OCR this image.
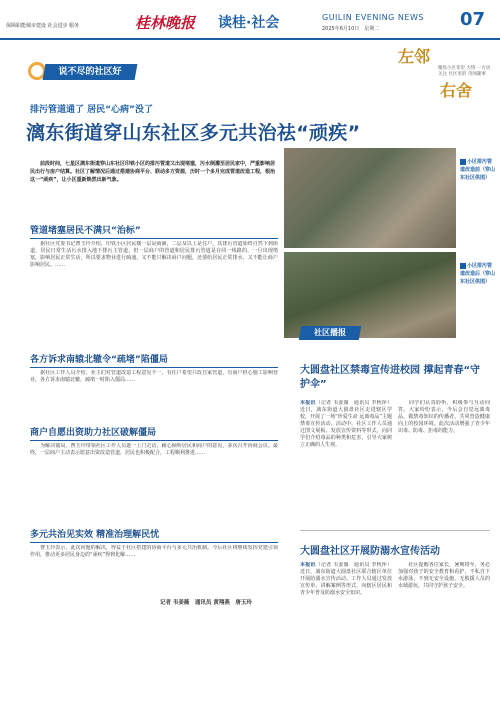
保障职能城市建设 社会进步 服务	桂林晚报 读桂·社会	GUILIN EVENING NEWS
2025年6月10日　星期二	07
说不尽的社区好
左邻
聚焦小区邻里 大情 一方居 关注 社区里的 奇闻趣事
右舍
排污管道通了 居民“心病”没了
漓东街道穿山东社区多元共治祛“顽疾”
　　前段时间，七星区漓东街道穿山东社区印铁小区的排污管道又出现堵塞，污水倒灌至居民家中，严重影响居民出行与房户结算。社区了解情况后通过搭建协商平台、联动多方资源，历时一个多月完成管道改造工程，根治这一“顽疾”，让小区重新焕然出新气象。
小区排污管道改造前（穿山东社区供图）
小区排污管道改造后（穿山东社区供图）
管道堵塞居民不满只“治标”
　　据社区党委书记曹玉玲介绍，印铁小区居民楼一层是商铺，二层及以上是住户，其排污管道始终自然下到街道，居民日常生活污水排入地下排污主管道，但一层商户的管道和居民排污管道是在同一线路的，一旦出现堵塞，影响居民正常生活，所以要求物业进行疏通，又不能只解决商户问题，还要给居民正常排水，又不能让商户影响居民。……
各方诉求南辕北辙令“疏堵”陷僵局
　　据社区工作人员介绍，业主们对管道改造工程意见不一，有住户希望只改自家管道，有商户担心施工影响营业，各方诉求南辕北辙，疏堵一时陷入僵局……
商户自愿出资助力社区破解僵局
　　为解决僵局，曹玉玲带领社区工作人员逐一上门走访，耐心倾听居民和商户的意见，多次召开协商会议。最终，一层商户主动表示愿意出资改造管道，居民也积极配合，工程顺利推进……
多元共治见实效 精准治理解民忧
　　曹玉玲表示，此次问题的解决，得益于社区搭建的协商平台与多元共治机制。今后社区将继续发挥党建引领作用，推动更多居民身边的“顽疾”得到化解……
记者 韦姜薇　通讯员 黄翔燕　唐玉玲
社区播报
大圆盘社区禁毒宣传进校园 撑起青春“守护伞”
本报讯（记者 韦姜薇　通讯员 李秋萍）近日，漓东街道大圆盘社区走进辖区学校，开展了一场“珍爱生命 远离毒品”主题禁毒宣传活动。活动中，社区工作人员通过图文展板、发放宣传资料等形式，向同学们介绍毒品的种类和危害，引导大家树立正确的人生观。
　　同学们认真聆听，积极参与互动问答。大家纷纷表示，今后会自觉远离毒品，做禁毒知识的传播者，共同营造健康向上的校园环境。此次活动增强了青少年识毒、防毒、拒毒的能力。
大圆盘社区开展防溺水宣传活动
本报讯（记者 韦姜薇　通讯员 李秋萍）近日，漓东街道大圆盘社区联合辖区单位开展防溺水宣传活动。工作人员通过发放宣传单、讲解案例等形式，向辖区居民和青少年普及防溺水安全知识。
　　社区提醒各位家长，暑期将至，务必加强对孩子的安全教育和看护，不私自下水游泳，不到无安全设施、无救援人员的水域游玩，共同守护孩子安全。
